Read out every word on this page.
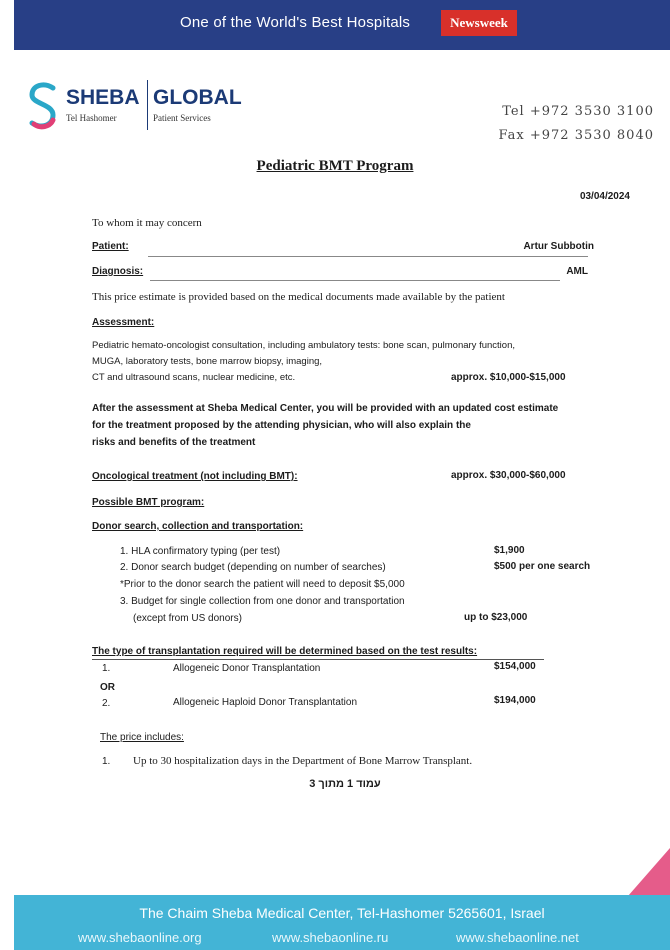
One of the World's Best Hospitals	Newsweek
SHEBA GLOBAL
Tel Hashomer	Patient Services	Tel +972 3530 3100
Fax +972 3530 8040
Pediatric BMT Program
03/04/2024
To whom it may concern
Patient:	Artur Subbotin
Diagnosis:	AML
This price estimate is provided based on the medical documents made available by the patient
Assessment:
Pediatric hemato-oncologist consultation, including ambulatory tests: bone scan, pulmonary function,
MUGA, laboratory tests, bone marrow biopsy, imaging,
CT and ultrasound scans, nuclear medicine, etc.	approx. $10,000-$15,000
After the assessment at Sheba Medical Center, you will be provided with an updated cost estimate
for the treatment proposed by the attending physician, who will also explain the
risks and benefits of the treatment
Oncological treatment (not including BMT):	approx. $30,000-$60,000
Possible BMT program:
Donor search, collection and transportation:
1. HLA confirmatory typing (per test)	$1,900
2. Donor search budget (depending on number of searches)	$500 per one search
*Prior to the donor search the patient will need to deposit $5,000
3. Budget for single collection from one donor and transportation
(except from US donors)	up to $23,000
The type of transplantation required will be determined based on the test results:
1.	Allogeneic Donor Transplantation	$154,000
OR
2.	Allogeneic Haploid Donor Transplantation	$194,000
The price includes:
1. Up to 30 hospitalization days in the Department of Bone Marrow Transplant.
עמוד 1 מתוך 3
The Chaim Sheba Medical Center, Tel-Hashomer 5265601, Israel
www.shebaonline.org	www.shebaonline.ru	www.shebaonline.net
